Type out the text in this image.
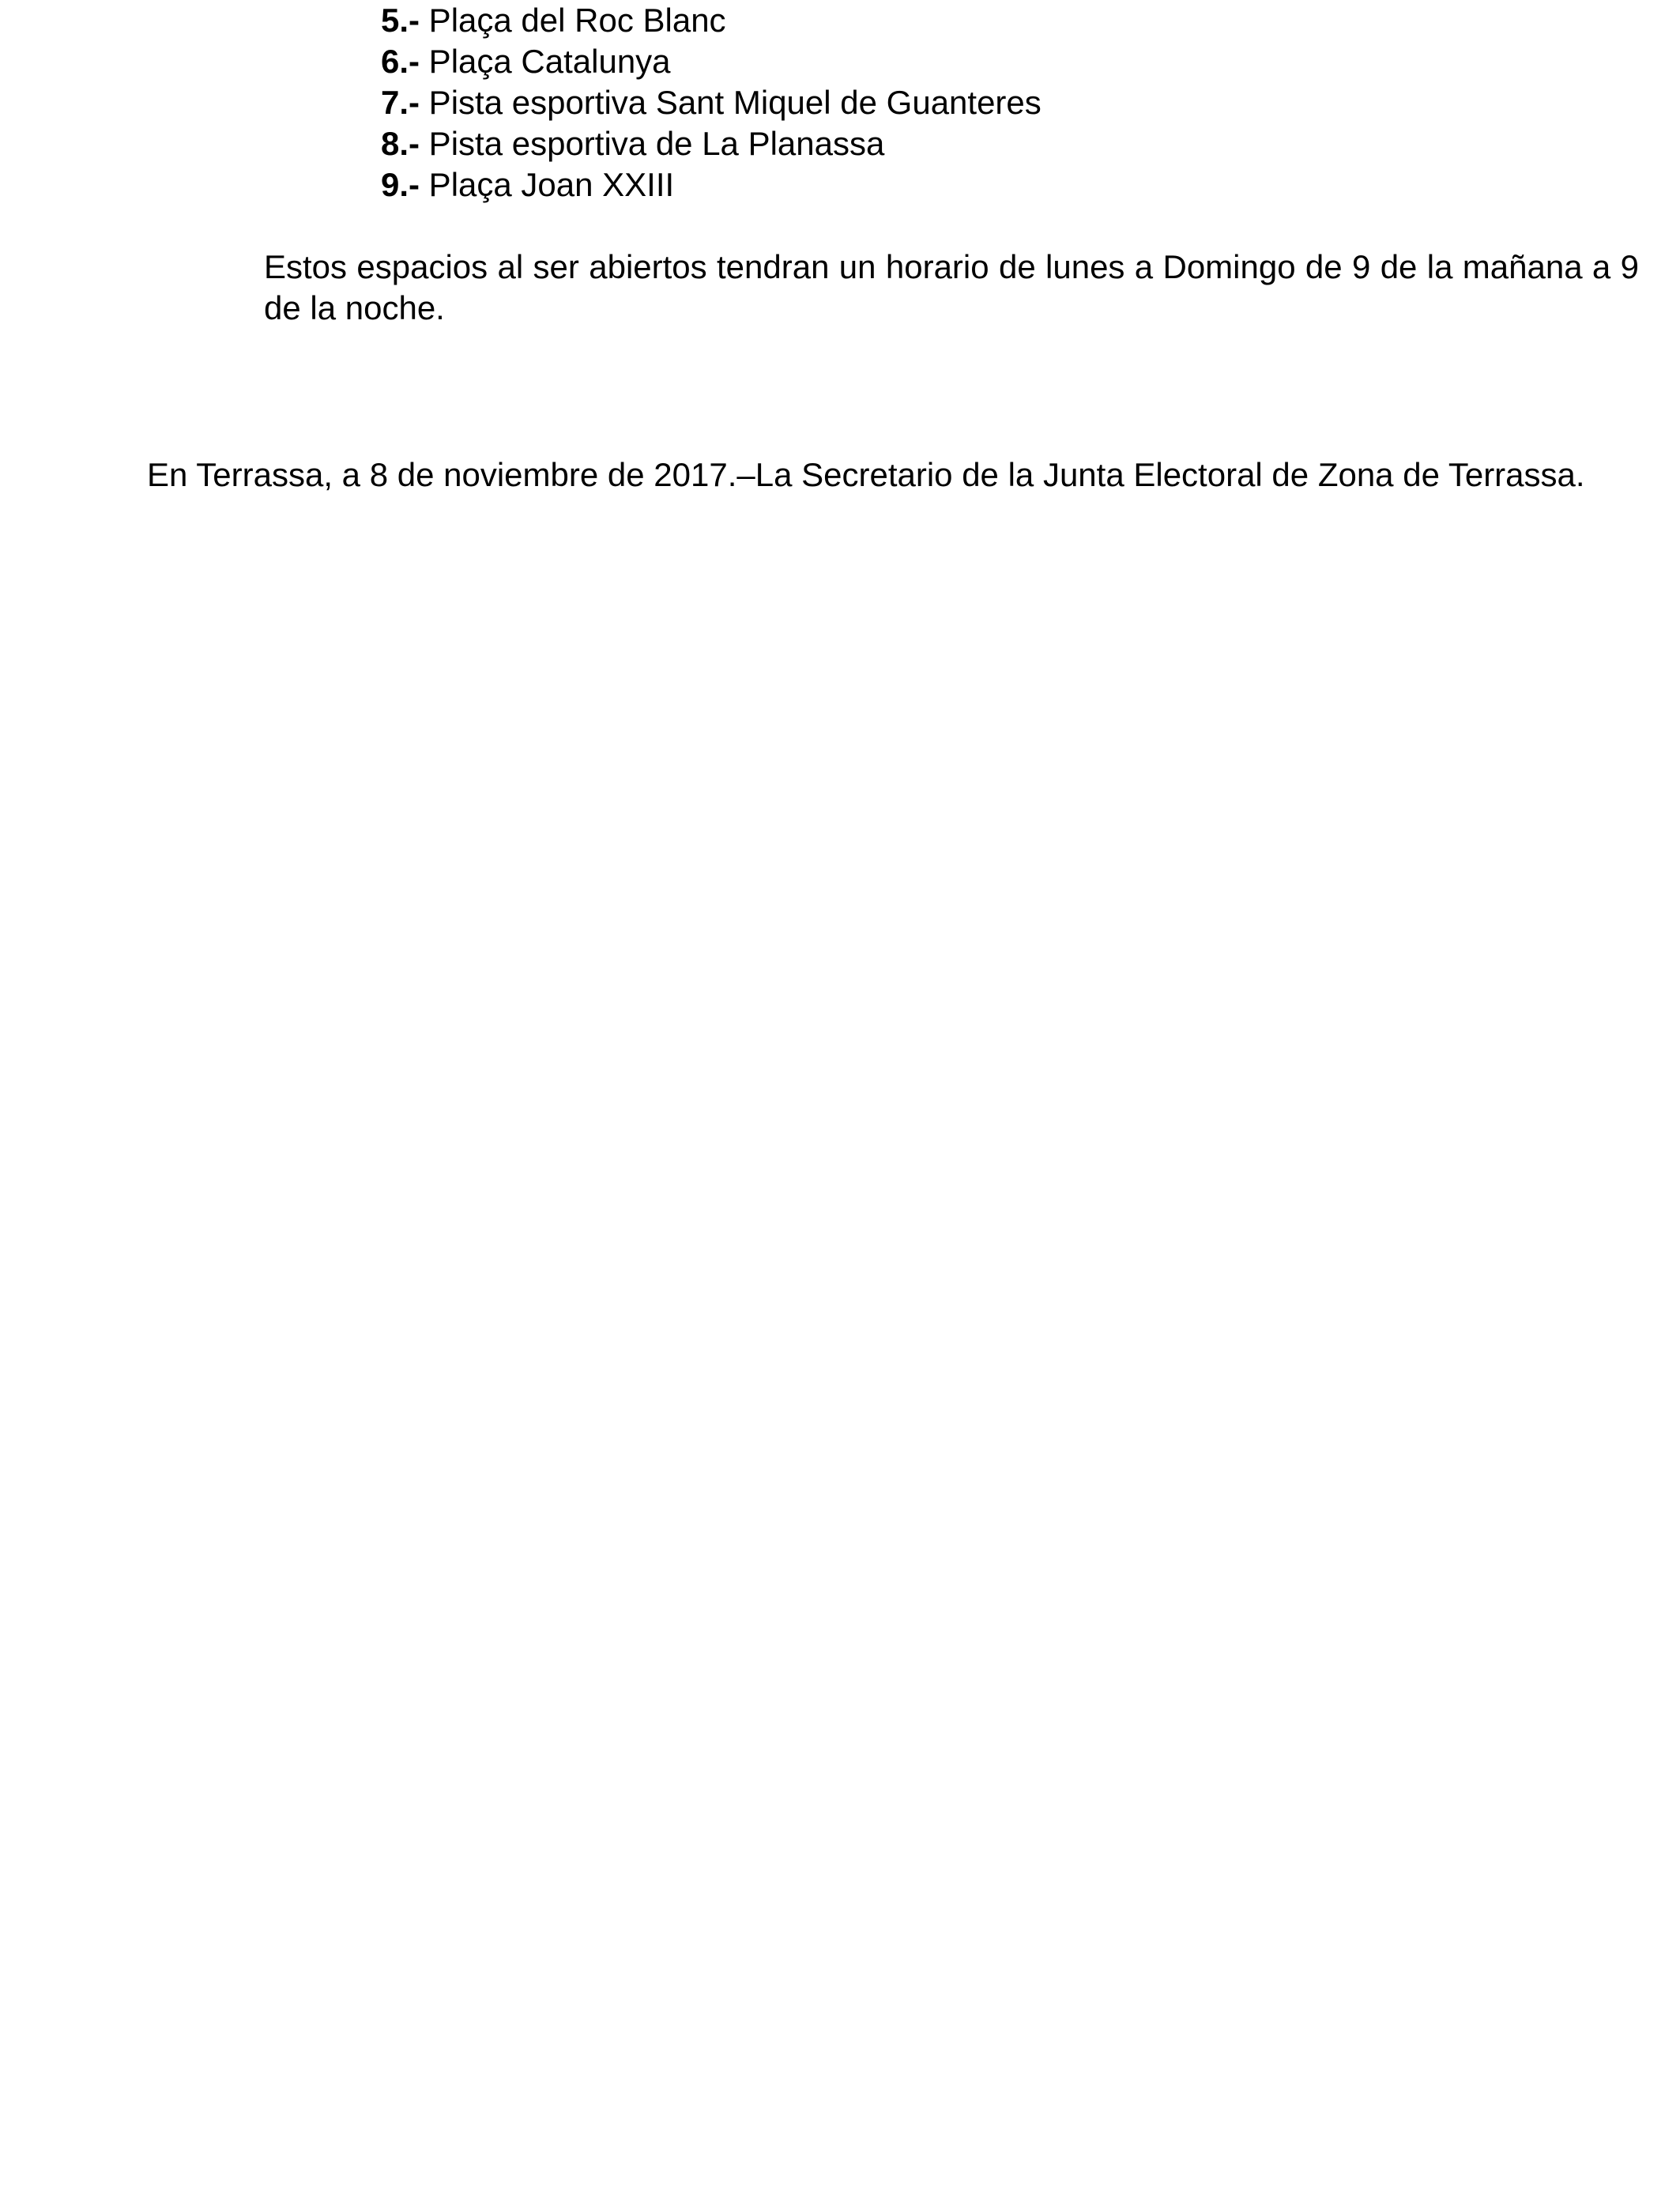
5.- Plaça del Roc Blanc
6.- Plaça Catalunya
7.- Pista esportiva Sant Miquel de Guanteres
8.- Pista esportiva de La Planassa
9.- Plaça Joan XXIII

Estos espacios al ser abiertos tendran un horario de lunes a Domingo de 9 de la mañana a 9 de la noche.

En Terrassa, a 8 de noviembre de 2017.–La Secretario de la Junta Electoral de Zona de Terrassa.
